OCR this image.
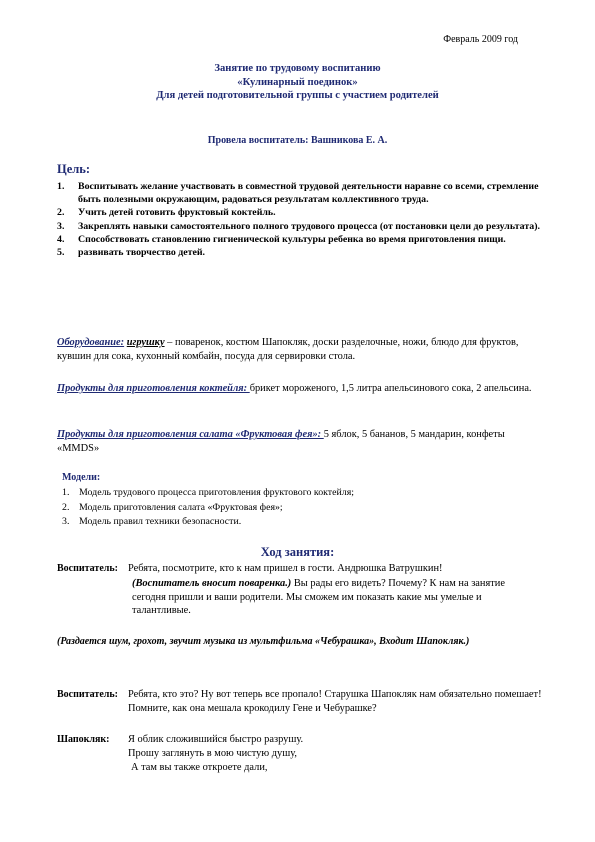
Февраль 2009 год
Занятие по трудовому воспитанию
«Кулинарный поединок»
Для детей подготовительной группы с участием родителей
Провела воспитатель: Вашникова Е. А.
Цель:
1. Воспитывать желание участвовать в совместной трудовой деятельности наравне со всеми, стремление быть полезными окружающим, радоваться результатам коллективного труда.
2. Учить детей готовить фруктовый коктейль.
3. Закреплять навыки самостоятельного полного трудового процесса (от постановки цели до результата).
4. Способствовать становлению гигиенической культуры ребенка во время приготовления пищи.
5. развивать творчество детей.
Оборудование: игрушку – поваренок, костюм Шапокляк, доски разделочные, ножи, блюдо для фруктов, кувшин для сока, кухонный комбайн, посуда для сервировки стола.
Продукты для приготовления коктейля: брикет мороженого, 1,5 литра апельсинового сока, 2 апельсина.
Продукты для приготовления салата «Фруктовая фея»: 5 яблок, 5 бананов, 5 мандарин, конфеты «MMDS»
Модели:
1. Модель трудового процесса приготовления фруктового коктейля;
2. Модель приготовления салата «Фруктовая фея»;
3. Модель правил техники безопасности.
Ход занятия:
Воспитатель: Ребята, посмотрите, кто к нам пришел в гости. Андрюшка Ватрушкин!
(Воспитатель вносит поваренка.) Вы рады его видеть? Почему? К нам на занятие сегодня пришли и ваши родители. Мы сможем им показать какие мы умелые и талантливые.
(Раздается шум, грохот, звучит музыка из мультфильма «Чебурашка», Входит Шапокляк.)
Воспитатель: Ребята, кто это? Ну вот теперь все пропало! Старушка Шапокляк нам обязательно помешает! Помните, как она мешала крокодилу Гене и Чебурашке?
Шапокляк: Я облик сложившийся быстро разрушу.
Прошу заглянуть в мою чистую душу,
А там вы также откроете дали,
